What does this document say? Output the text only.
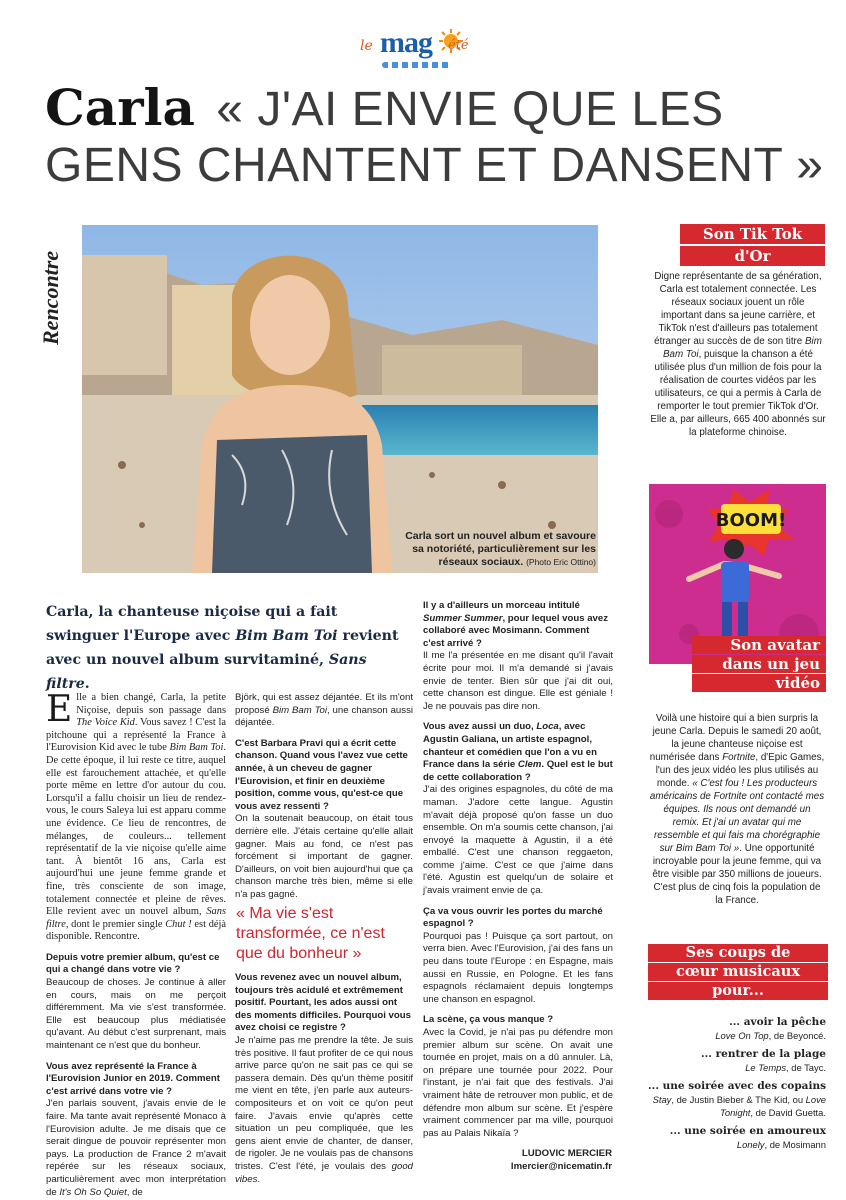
le mag été
Carla « J'AI ENVIE QUE LES GENS CHANTENT ET DANSENT »
Rencontre
Carla sort un nouvel album et savoure sa notoriété, particulièrement sur les réseaux sociaux. (Photo Eric Ottino)
Carla, la chanteuse niçoise qui a fait swinguer l'Europe avec Bim Bam Toi revient avec un nouvel album survitaminé, Sans filtre.

Elle a bien changé, Carla, la petite Niçoise, depuis son passage dans The Voice Kid. Vous savez ! C'est la pitchoune qui a représenté la France à l'Eurovision Kid avec le tube Bim Bam Toi. De cette époque, il lui reste ce titre, auquel elle est farouchement attachée, et qu'elle porte même en lettre d'or autour du cou. Lorsqu'il a fallu choisir un lieu de rendez-vous, le cours Saleya lui est apparu comme une évidence. Ce lieu de rencontres, de mélanges, de couleurs... tellement représentatif de la vie niçoise qu'elle aime tant. À bientôt 16 ans, Carla est aujourd'hui une jeune femme grande et fine, très consciente de son image, totalement connectée et pleine de rêves. Elle revient avec un nouvel album, Sans filtre, dont le premier single Chut ! est déjà disponible. Rencontre.

Depuis votre premier album, qu'est ce qui a changé dans votre vie ?

Beaucoup de choses. Je continue à aller en cours, mais on me perçoit différemment. Ma vie s'est transformée. Elle est beaucoup plus médiatisée qu'avant. Au début c'est surprenant, mais maintenant ce n'est que du bonheur.

Vous avez représenté la France à l'Eurovision Junior en 2019. Comment c'est arrivé dans votre vie ?

J'en parlais souvent, j'avais envie de le faire. Ma tante avait représenté Monaco à l'Eurovision adulte. Je me disais que ce serait dingue de pouvoir représenter mon pays. La production de France 2 m'avait repérée sur les réseaux sociaux, particulièrement avec mon interprétation de It's Oh So Quiet, de

Björk, qui est assez déjantée. Et ils m'ont proposé Bim Bam Toi, une chanson aussi déjantée.

C'est Barbara Pravi qui a écrit cette chanson. Quand vous l'avez vue cette année, à un cheveu de gagner l'Eurovision, et finir en deuxième position, comme vous, qu'est-ce que vous avez ressenti ?

On la soutenait beaucoup, on était tous derrière elle. J'étais certaine qu'elle allait gagner. Mais au fond, ce n'est pas forcément si important de gagner. D'ailleurs, on voit bien aujourd'hui que ça chanson marche très bien, même si elle n'a pas gagné.

« Ma vie s'est transformée, ce n'est que du bonheur »

Vous revenez avec un nouvel album, toujours très acidulé et extrêmement positif. Pourtant, les ados aussi ont des moments difficiles. Pourquoi vous avez choisi ce registre ?

Je n'aime pas me prendre la tête. Je suis très positive. Il faut profiter de ce qui nous arrive parce qu'on ne sait pas ce qui se passera demain. Dès qu'un thème positif me vient en tête, j'en parle aux auteurs-compositeurs et on voit ce qu'on peut faire. J'avais envie qu'après cette situation un peu compliquée, que les gens aient envie de chanter, de danser, de rigoler. Je ne voulais pas de chansons tristes. C'est l'été, je voulais des good vibes.

Il y a d'ailleurs un morceau intitulé Summer Summer, pour lequel vous avez collaboré avec Mosimann. Comment c'est arrivé ?

Il me l'a présentée en me disant qu'il l'avait écrite pour moi. Il m'a demandé si j'avais envie de tenter. Bien sûr que j'ai dit oui, cette chanson est dingue. Elle est géniale ! Je ne pouvais pas dire non.

Vous avez aussi un duo, Loca, avec Agustin Galiana, un artiste espagnol, chanteur et comédien que l'on a vu en France dans la série Clem. Quel est le but de cette collaboration ?

J'ai des origines espagnoles, du côté de ma maman. J'adore cette langue. Agustin m'avait déjà proposé qu'on fasse un duo ensemble. On m'a soumis cette chanson, j'ai envoyé la maquette à Agustin, il a été emballé. C'est une chanson reggaeton, comme j'aime. C'est ce que j'aime dans l'été. Agustin est quelqu'un de solaire et j'avais vraiment envie de ça.

Ça va vous ouvrir les portes du marché espagnol ?

Pourquoi pas ! Puisque ça sort partout, on verra bien. Avec l'Eurovision, j'ai des fans un peu dans toute l'Europe : en Espagne, mais aussi en Russie, en Pologne. Et les fans espagnols réclamaient depuis longtemps une chanson en espagnol.

La scène, ça vous manque ?

Avec la Covid, je n'ai pas pu défendre mon premier album sur scène. On avait une tournée en projet, mais on a dû annuler. Là, on prépare une tournée pour 2022. Pour l'instant, je n'ai fait que des festivals. J'ai vraiment hâte de retrouver mon public, et de défendre mon album sur scène. Et j'espère vraiment commencer par ma ville, pourquoi pas au Palais Nikaïa ?

LUDOVIC MERCIER
lmercier@nicematin.fr
Son Tik Tok
d'Or
Digne représentante de sa génération, Carla est totalement connectée. Les réseaux sociaux jouent un rôle important dans sa jeune carrière, et TikTok n'est d'ailleurs pas totalement étranger au succès de de son titre Bim Bam Toi, puisque la chanson a été utilisée plus d'un million de fois pour la réalisation de courtes vidéos par les utilisateurs, ce qui a permis à Carla de remporter le tout premier TikTok d'Or. Elle a, par ailleurs, 665 400 abonnés sur la plateforme chinoise.
BOOM!
Son avatar
dans un jeu
vidéo
Voilà une histoire qui a bien surpris la jeune Carla. Depuis le samedi 20 août, la jeune chanteuse niçoise est numérisée dans Fortnite, d'Epic Games, l'un des jeux vidéo les plus utilisés au monde. « C'est fou ! Les producteurs américains de Fortnite ont contacté mes équipes. Ils nous ont demandé un remix. Et j'ai un avatar qui me ressemble et qui fais ma chorégraphie sur Bim Bam Toi ». Une opportunité incroyable pour la jeune femme, qui va être visible par 350 millions de joueurs. C'est plus de cinq fois la population de la France.
Ses coups de
cœur musicaux
pour...
... avoir la pêche
Love On Top, de Beyoncé.
... rentrer de la plage
Le Temps, de Tayc.
... une soirée avec des copains
Stay, de Justin Bieber & The Kid, ou Love Tonight, de David Guetta.
... une soirée en amoureux
Lonely, de Mosimann
